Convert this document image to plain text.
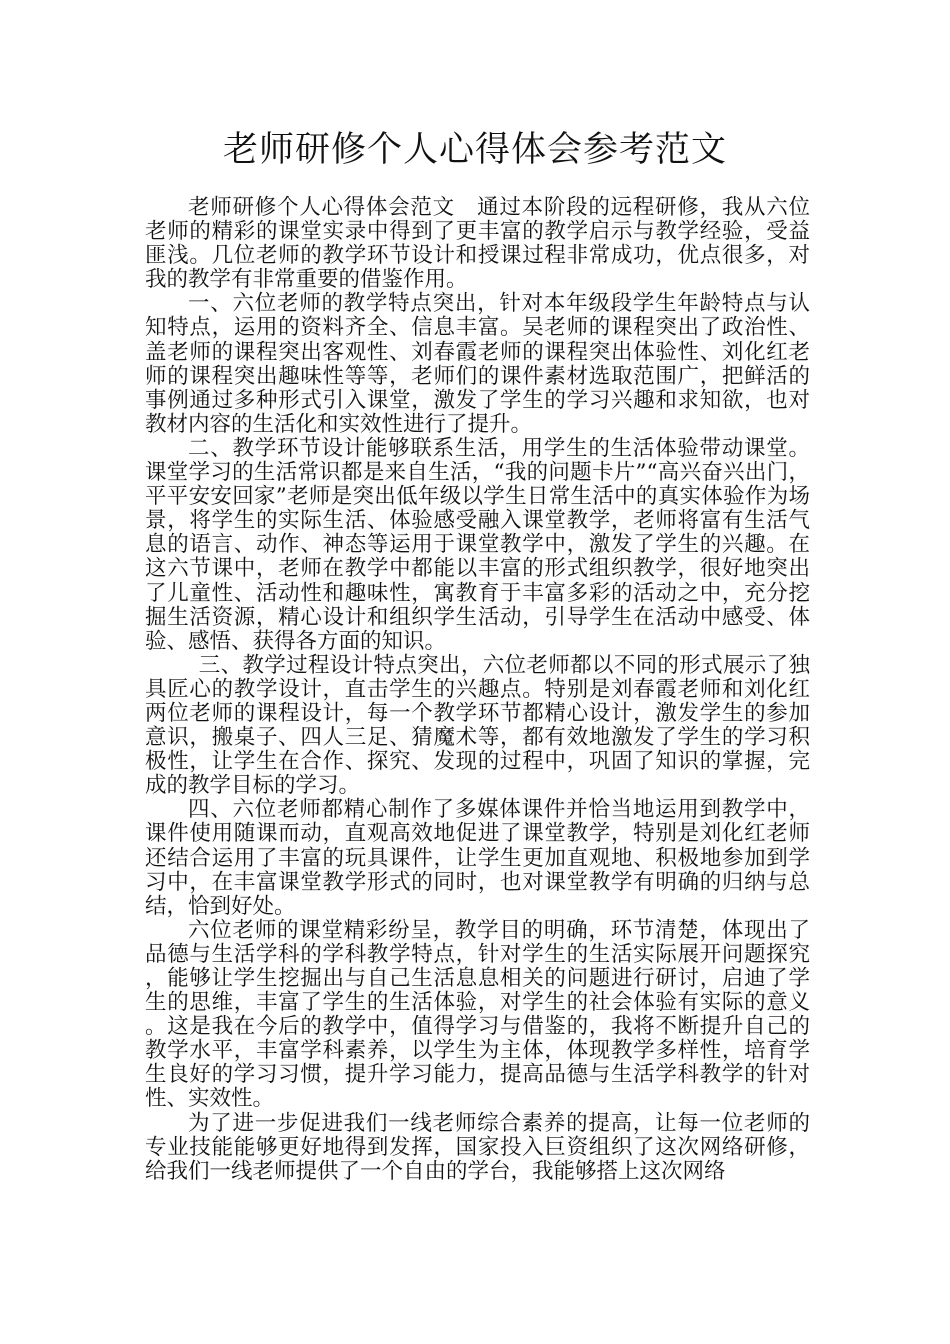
老师研修个人心得体会参考范文

老师研修个人心得体会范文　通过本阶段的远程研修，我从六位老师的精彩的课堂实录中得到了更丰富的教学启示与教学经验，受益匪浅。几位老师的教学环节设计和授课过程非常成功，优点很多，对我的教学有非常重要的借鉴作用。

一、六位老师的教学特点突出，针对本年级段学生年龄特点与认知特点，运用的资料齐全、信息丰富。吴老师的课程突出了政治性、盖老师的课程突出客观性、刘春霞老师的课程突出体验性、刘化红老师的课程突出趣味性等等，老师们的课件素材选取范围广，把鲜活的事例通过多种形式引入课堂，激发了学生的学习兴趣和求知欲，也对教材内容的生活化和实效性进行了提升。

二、教学环节设计能够联系生活，用学生的生活体验带动课堂。课堂学习的生活常识都是来自生活，“我的问题卡片”“高兴奋兴出门，平平安安回家”老师是突出低年级以学生日常生活中的真实体验作为场景，将学生的实际生活、体验感受融入课堂教学，老师将富有生活气息的语言、动作、神态等运用于课堂教学中，激发了学生的兴趣。在这六节课中，老师在教学中都能以丰富的形式组织教学，很好地突出了儿童性、活动性和趣味性，寓教育于丰富多彩的活动之中，充分挖掘生活资源，精心设计和组织学生活动，引导学生在活动中感受、体验、感悟、获得各方面的知识。

三、教学过程设计特点突出，六位老师都以不同的形式展示了独具匠心的教学设计，直击学生的兴趣点。特别是刘春霞老师和刘化红两位老师的课程设计，每一个教学环节都精心设计，激发学生的参加意识，搬桌子、四人三足、猜魔术等，都有效地激发了学生的学习积极性，让学生在合作、探究、发现的过程中，巩固了知识的掌握，完成的教学目标的学习。

四、六位老师都精心制作了多媒体课件并恰当地运用到教学中，课件使用随课而动，直观高效地促进了课堂教学，特别是刘化红老师还结合运用了丰富的玩具课件，让学生更加直观地、积极地参加到学习中，在丰富课堂教学形式的同时，也对课堂教学有明确的归纳与总结，恰到好处。

六位老师的课堂精彩纷呈，教学目的明确，环节清楚，体现出了品德与生活学科的学科教学特点，针对学生的生活实际展开问题探究，能够让学生挖掘出与自己生活息息相关的问题进行研讨，启迪了学生的思维，丰富了学生的生活体验，对学生的社会体验有实际的意义。这是我在今后的教学中，值得学习与借鉴的，我将不断提升自己的教学水平，丰富学科素养，以学生为主体，体现教学多样性，培育学生良好的学习习惯，提升学习能力，提高品德与生活学科教学的针对性、实效性。

为了进一步促进我们一线老师综合素养的提高，让每一位老师的专业技能能够更好地得到发挥，国家投入巨资组织了这次网络研修，给我们一线老师提供了一个自由的学台，我能够搭上这次网络
